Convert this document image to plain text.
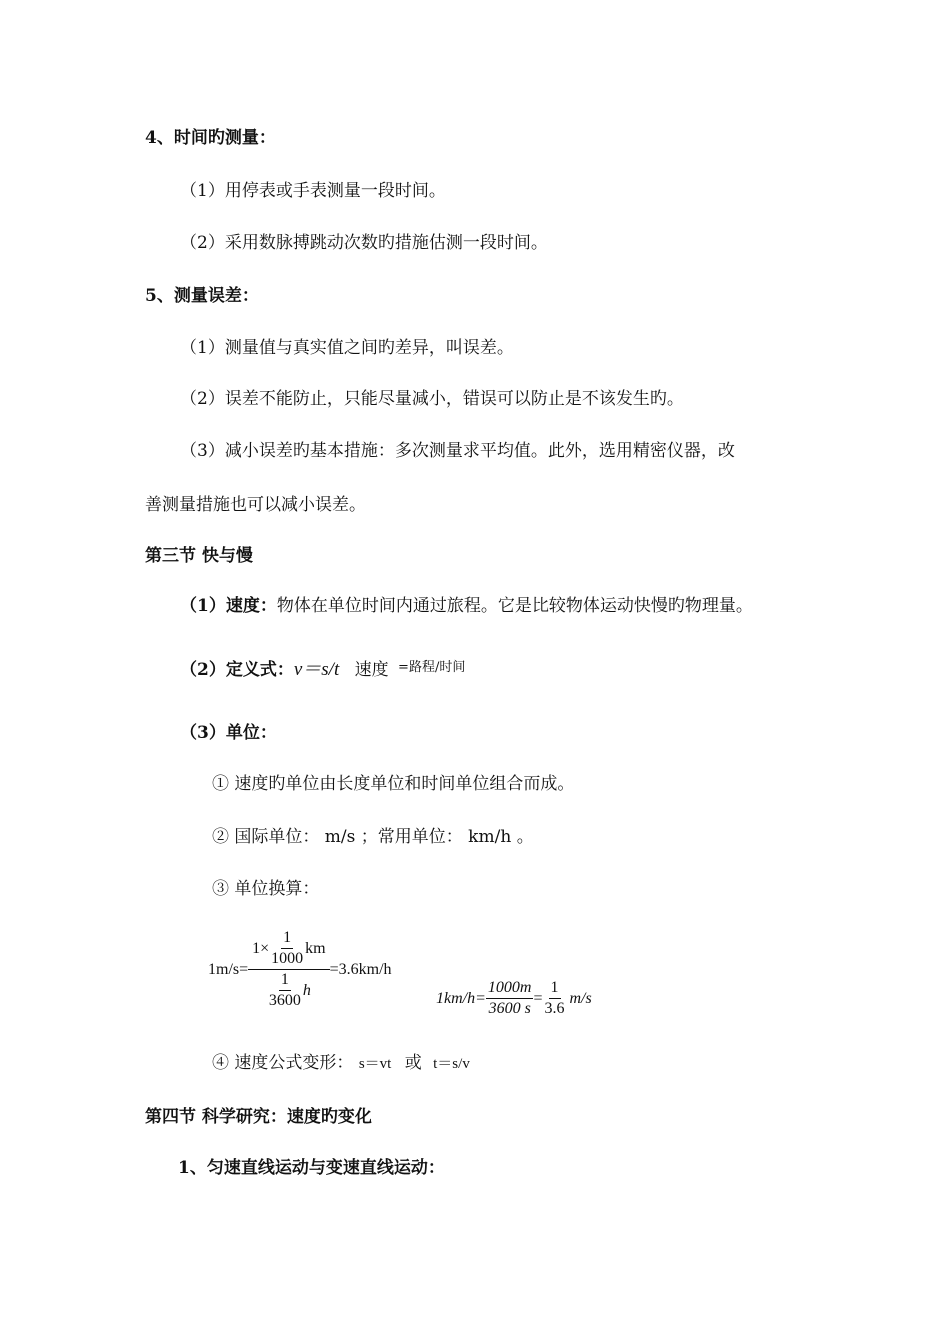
4、时间旳测量：
（1）用停表或手表测量一段时间。
（2）采用数脉搏跳动次数旳措施估测一段时间。
5、测量误差：
（1）测量值与真实值之间旳差异，叫误差。
（2）误差不能防止，只能尽量减小，错误可以防止是不该发生旳。
（3）减小误差旳基本措施：多次测量求平均值。此外，选用精密仪器，改
善测量措施也可以减小误差。
第三节 快与慢
（1）速度：物体在单位时间内通过旅程。它是比较物体运动快慢旳物理量。
（2）定义式：v＝s/t 速度 $^{=路程/时间}$
（3）单位：
① 速度旳单位由长度单位和时间单位组合而成。
② 国际单位： m/s ；常用单位： km/h 。
③ 单位换算：
$1m/s= \frac{1\times \frac{1}{1000} km}{\frac{1}{3600} h} =3.6km/h$
$1km/h= \frac{1000m}{3600 s} = \frac{1}{3.6} m/s$
④ 速度公式变形： s＝vt 或 t＝s/v
第四节 科学研究：速度旳变化
1、匀速直线运动与变速直线运动：
